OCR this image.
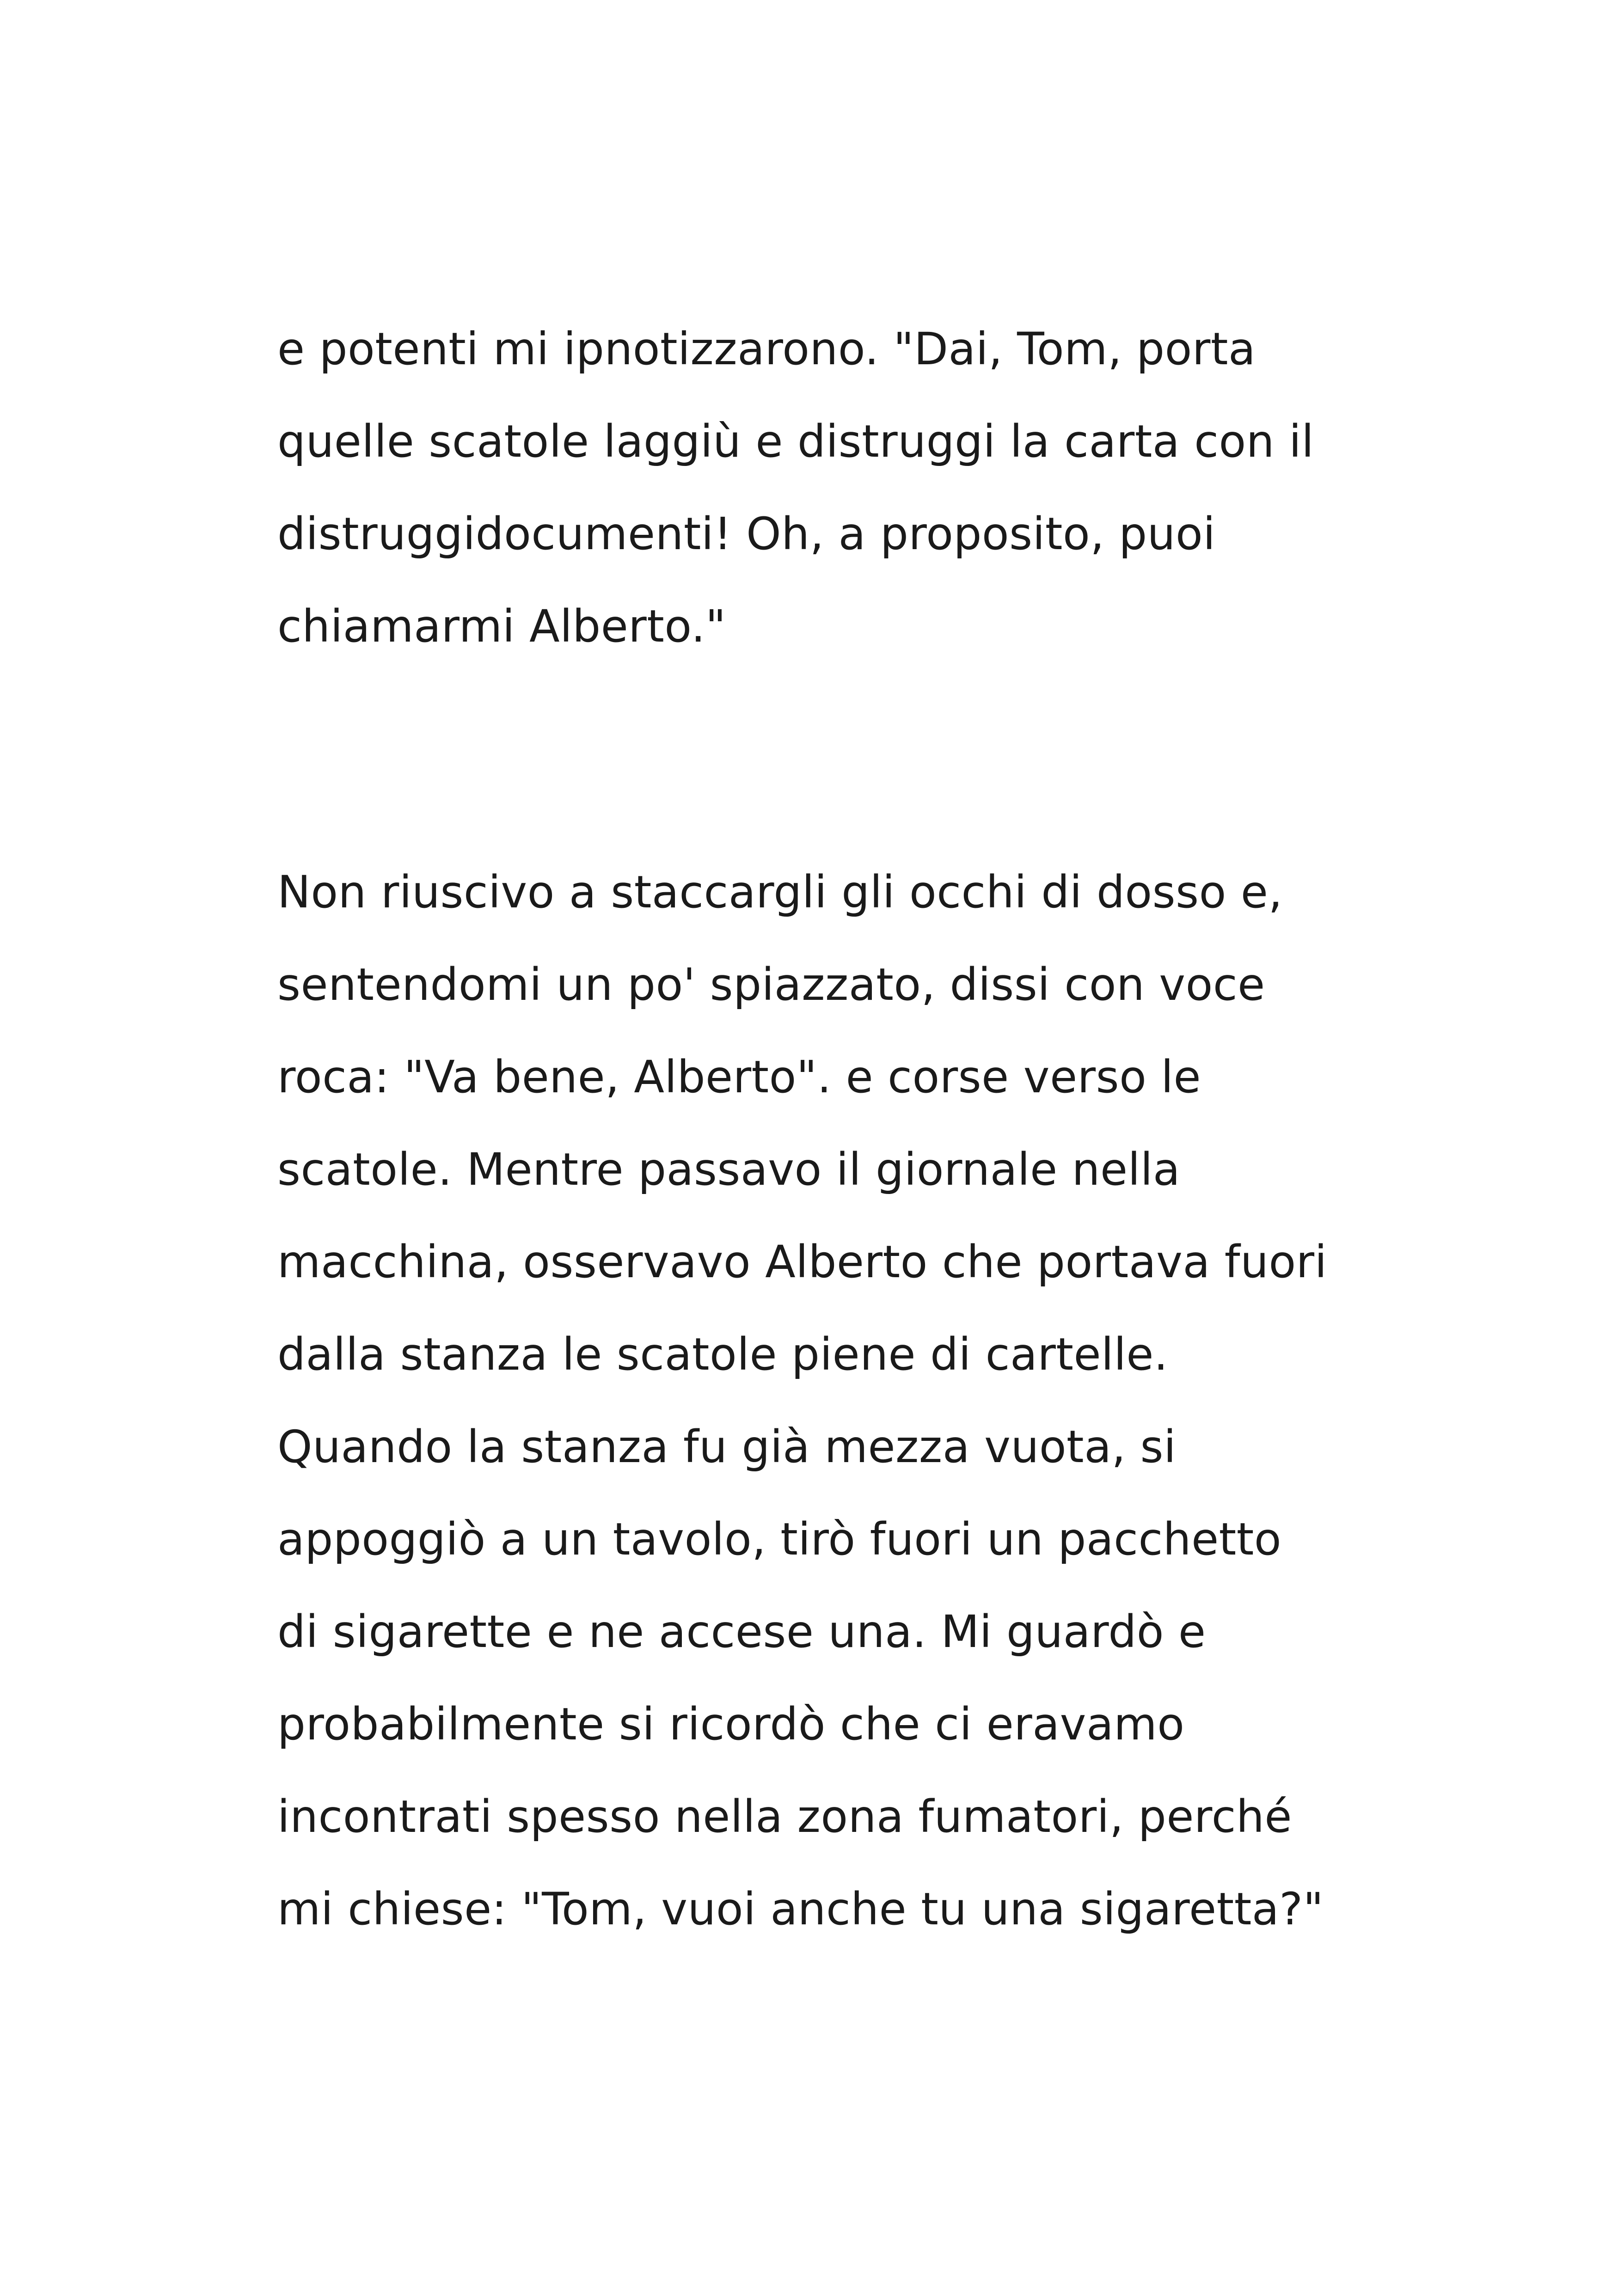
e potenti mi ipnotizzarono. "Dai, Tom, porta
quelle scatole laggiù e distruggi la carta con il
distruggidocumenti! Oh, a proposito, puoi
chiamarmi Alberto."
Non riuscivo a staccargli gli occhi di dosso e,
sentendomi un po' spiazzato, dissi con voce
roca: "Va bene, Alberto". e corse verso le
scatole. Mentre passavo il giornale nella
macchina, osservavo Alberto che portava fuori
dalla stanza le scatole piene di cartelle.
Quando la stanza fu già mezza vuota, si
appoggiò a un tavolo, tirò fuori un pacchetto
di sigarette e ne accese una. Mi guardò e
probabilmente si ricordò che ci eravamo
incontrati spesso nella zona fumatori, perché
mi chiese: "Tom, vuoi anche tu una sigaretta?"
